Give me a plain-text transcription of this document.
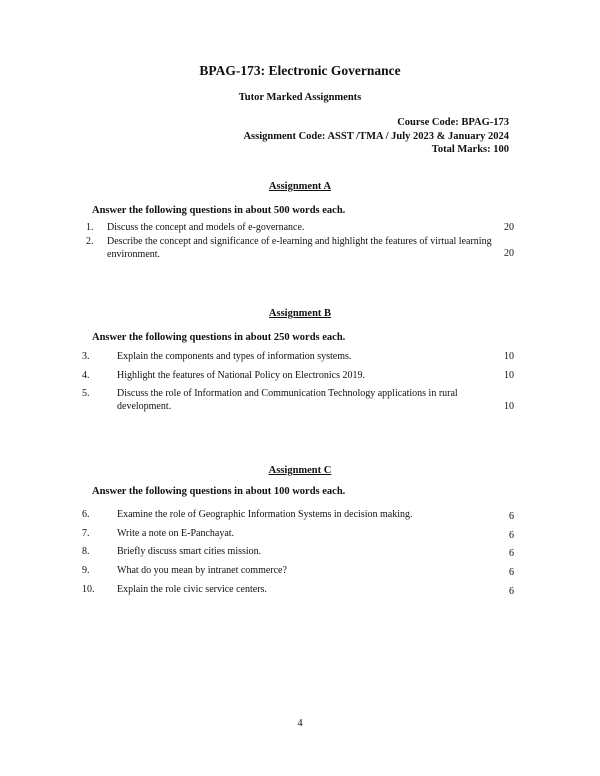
BPAG-173: Electronic Governance
Tutor Marked Assignments
Course Code: BPAG-173
Assignment Code: ASST /TMA / July 2023 & January 2024
Total Marks: 100
Assignment A
Answer the following questions in about 500 words each.
1.	Discuss the concept and models of e-governance.	20
2.	Describe the concept and significance of e-learning and highlight the features of virtual learning environment.	20
Assignment B
Answer the following questions in about 250 words each.
3.	Explain the components and types of information systems.	10
4.	Highlight the features of National Policy on Electronics 2019.	10
5.	Discuss the role of Information and Communication Technology applications in rural development.	10
Assignment C
Answer the following questions in about 100 words each.
6.	Examine the role of Geographic Information Systems in decision making.	6
7.	Write a note on E-Panchayat.	6
8.	Briefly discuss smart cities mission.	6
9.	What do you mean by intranet commerce?	6
10.	Explain the role civic service centers.	6
4
